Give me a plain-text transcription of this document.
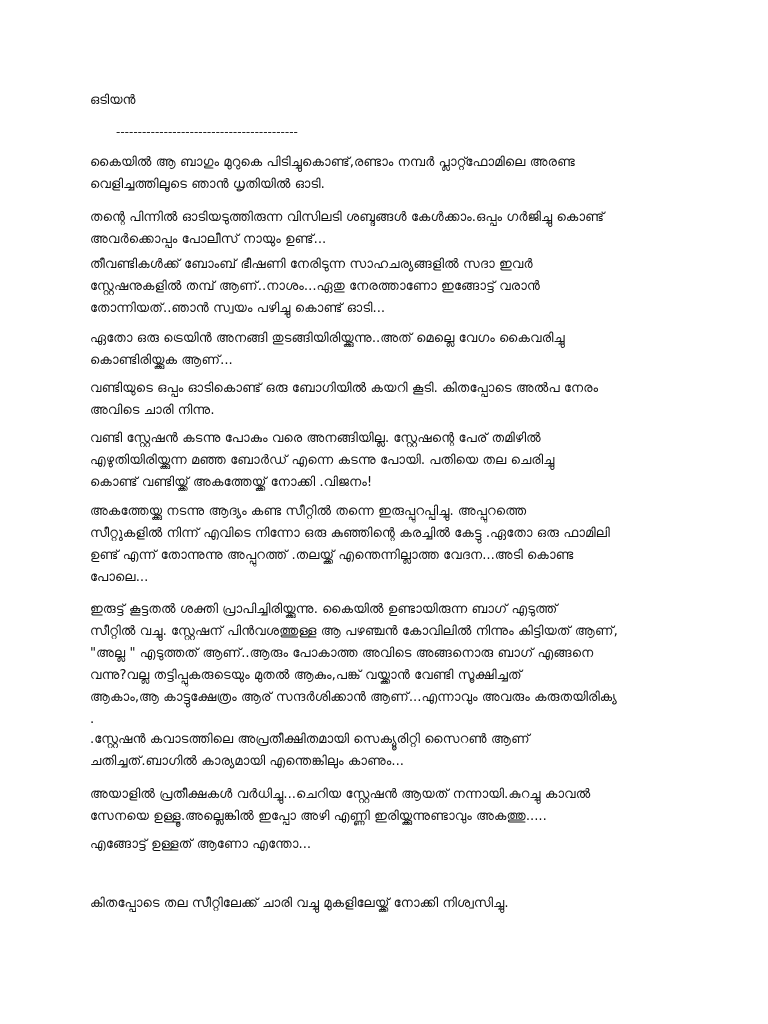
ഒടിയൻ
------------------------------------------

കൈയിൽ ആ ബാഗും മുറുകെ പിടിച്ചുകൊണ്ട്,രണ്ടാം നമ്പർ പ്ലാറ്റ്ഫോമിലെ അരണ്ട
വെളിച്ചത്തിലൂടെ ഞാൻ ധൃതിയിൽ ഓടി.

തന്റെ പിന്നിൽ ഓടിയടുത്തിരുന്ന വിസിലടി ശബ്ദങ്ങൾ കേൾക്കാം.ഒപ്പം ഗർജിച്ചു കൊണ്ട്
അവർക്കൊപ്പം പോലീസ് നായും ഉണ്ട്...

തീവണ്ടികൾക്ക് ബോംബ് ഭീഷണി നേരിടുന്ന സാഹചര്യങ്ങളിൽ സദാ ഇവർ
സ്റ്റേഷനുകളിൽ തമ്പ് ആണ്..നാശം...ഏതു നേരത്താണോ ഇങ്ങോട്ട് വരാൻ
തോന്നിയത്..ഞാൻ സ്വയം പഴിച്ചു കൊണ്ട് ഓടി...

ഏതോ ഒരു ട്രെയിൻ അനങ്ങി തുടങ്ങിയിരിയ്ക്കുന്നു..അത് മെല്ലെ വേഗം കൈവരിച്ചു
കൊണ്ടിരിയ്ക്കുക ആണ്...

വണ്ടിയുടെ ഒപ്പം ഓടികൊണ്ട് ഒരു ബോഗിയിൽ കയറി കൂടി. കിതപ്പോടെ അൽപ നേരം
അവിടെ ചാരി നിന്നു.

വണ്ടി സ്റ്റേഷൻ കടന്നു പോകും വരെ അനങ്ങിയില്ല. സ്റ്റേഷന്റെ പേര് തമിഴിൽ
എഴുതിയിരിയ്ക്കുന്ന മഞ്ഞ ബോർഡ് എന്നെ കടന്നു പോയി. പതിയെ തല ചെരിച്ചു
കൊണ്ട് വണ്ടിയ്ക്ക് അകത്തേയ്ക്ക് നോക്കി .വിജനം!

അകത്തേയ്ക്കു നടന്നു ആദ്യം കണ്ട സീറ്റിൽ തന്നെ ഇരുപ്പുറപ്പിച്ചു. അപ്പുറത്തെ
സീറ്റുകളിൽ നിന്ന് എവിടെ നിന്നോ ഒരു കുഞ്ഞിന്റെ കരച്ചിൽ കേട്ടു .ഏതോ ഒരു ഫാമിലി
ഉണ്ട് എന്ന് തോന്നുന്നു അപ്പുറത്ത് .തലയ്ക്ക് എന്തെന്നില്ലാത്ത വേദന...അടി കൊണ്ട
പോലെ...

ഇരുട്ട് കൂട്ടതൽ ശക്തി പ്രാപിച്ചിരിയ്ക്കുന്നു. കൈയിൽ ഉണ്ടായിരുന്ന ബാഗ് എടുത്ത്
സീറ്റിൽ വച്ചു. സ്റ്റേഷന് പിൻവശത്തുള്ള ആ പഴഞ്ചൻ കോവിലിൽ നിന്നും കിട്ടിയത് ആണ്,
"അല്ല " എടുത്തത് ആണ്..ആരും പോകാത്ത അവിടെ അങ്ങനൊരു ബാഗ് എങ്ങനെ
വന്നു?വല്ല തട്ടിപ്പുകരുടെയും മുതൽ ആകും,പങ്ക് വയ്ക്കാൻ വേണ്ടി സൂക്ഷിച്ചത്
ആകാം,ആ കാട്ടുക്ഷേത്രം ആര് സന്ദർശിക്കാൻ ആണ്...എന്നാവും അവരും കരുതയിരിക്യ
.

.സ്റ്റേഷൻ കവാടത്തിലെ അപ്രതീക്ഷിതമായി സെക്യൂരിറ്റി സൈറൺ ആണ്
ചതിച്ചത്.ബാഗിൽ കാര്യമായി എന്തെങ്കിലും കാണും...

അയാളിൽ പ്രതീക്ഷകൾ വർധിച്ചു...ചെറിയ സ്റ്റേഷൻ ആയത് നന്നായി.കുറച്ചു കാവൽ
സേനയെ ഉള്ളൂ.അല്ലെങ്കിൽ ഇപ്പോ അഴി എണ്ണി ഇരിയ്ക്കുന്നുണ്ടാവും അകത്തു.....

എങ്ങോട്ട് ഉള്ളത് ആണോ എന്തോ...

കിതപ്പോടെ തല സീറ്റിലേക്ക് ചാരി വച്ചു മുകളിലേയ്ക്ക് നോക്കി നിശ്വസിച്ചു.
